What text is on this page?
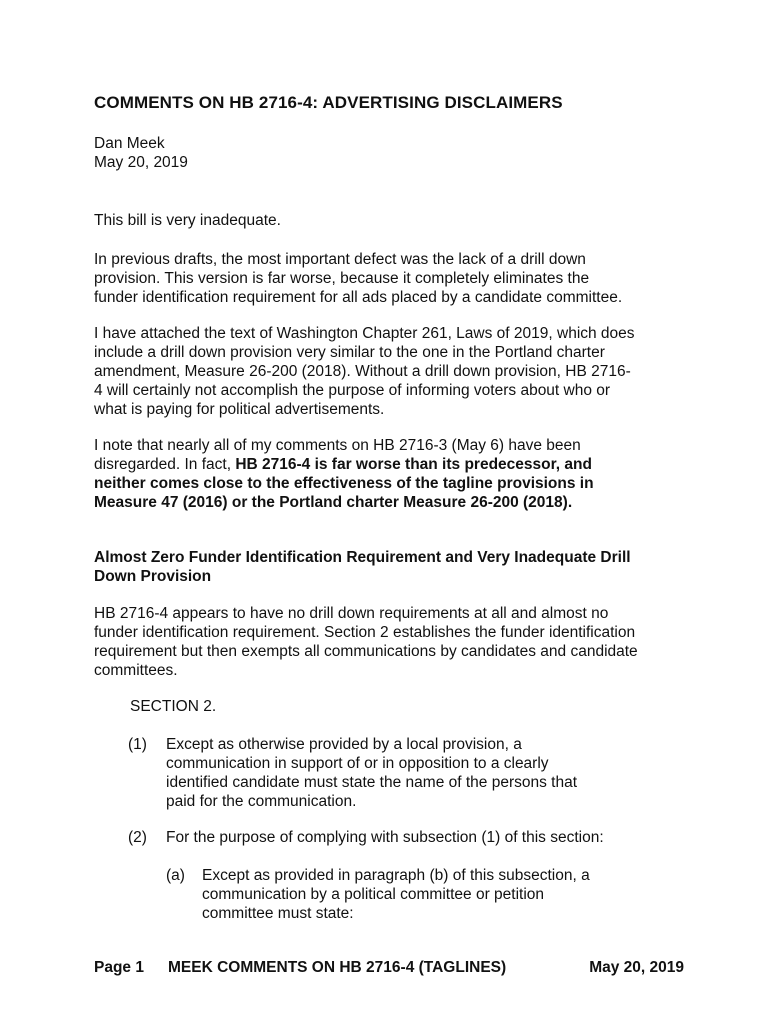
COMMENTS ON HB 2716-4: ADVERTISING DISCLAIMERS
Dan Meek
May 20, 2019
This bill is very inadequate.
In previous drafts, the most important defect was the lack of a drill down
provision. This version is far worse, because it completely eliminates the
funder identification requirement for all ads placed by a candidate committee.
I have attached the text of Washington Chapter 261, Laws of 2019, which does
include a drill down provision very similar to the one in the Portland charter
amendment, Measure 26-200 (2018). Without a drill down provision, HB 2716-
4 will certainly not accomplish the purpose of informing voters about who or
what is paying for political advertisements.
I note that nearly all of my comments on HB 2716-3 (May 6) have been
disregarded. In fact, HB 2716-4 is far worse than its predecessor, and
neither comes close to the effectiveness of the tagline provisions in
Measure 47 (2016) or the Portland charter Measure 26-200 (2018).
Almost Zero Funder Identification Requirement and Very Inadequate Drill
Down Provision
HB 2716-4 appears to have no drill down requirements at all and almost no
funder identification requirement. Section 2 establishes the funder identification
requirement but then exempts all communications by candidates and candidate
committees.
SECTION 2.
(1) Except as otherwise provided by a local provision, a
communication in support of or in opposition to a clearly
identified candidate must state the name of the persons that
paid for the communication.
(2) For the purpose of complying with subsection (1) of this section:
(a) Except as provided in paragraph (b) of this subsection, a
communication by a political committee or petition
committee must state:
Page 1 MEEK COMMENTS ON HB 2716-4 (TAGLINES)	May 20, 2019
